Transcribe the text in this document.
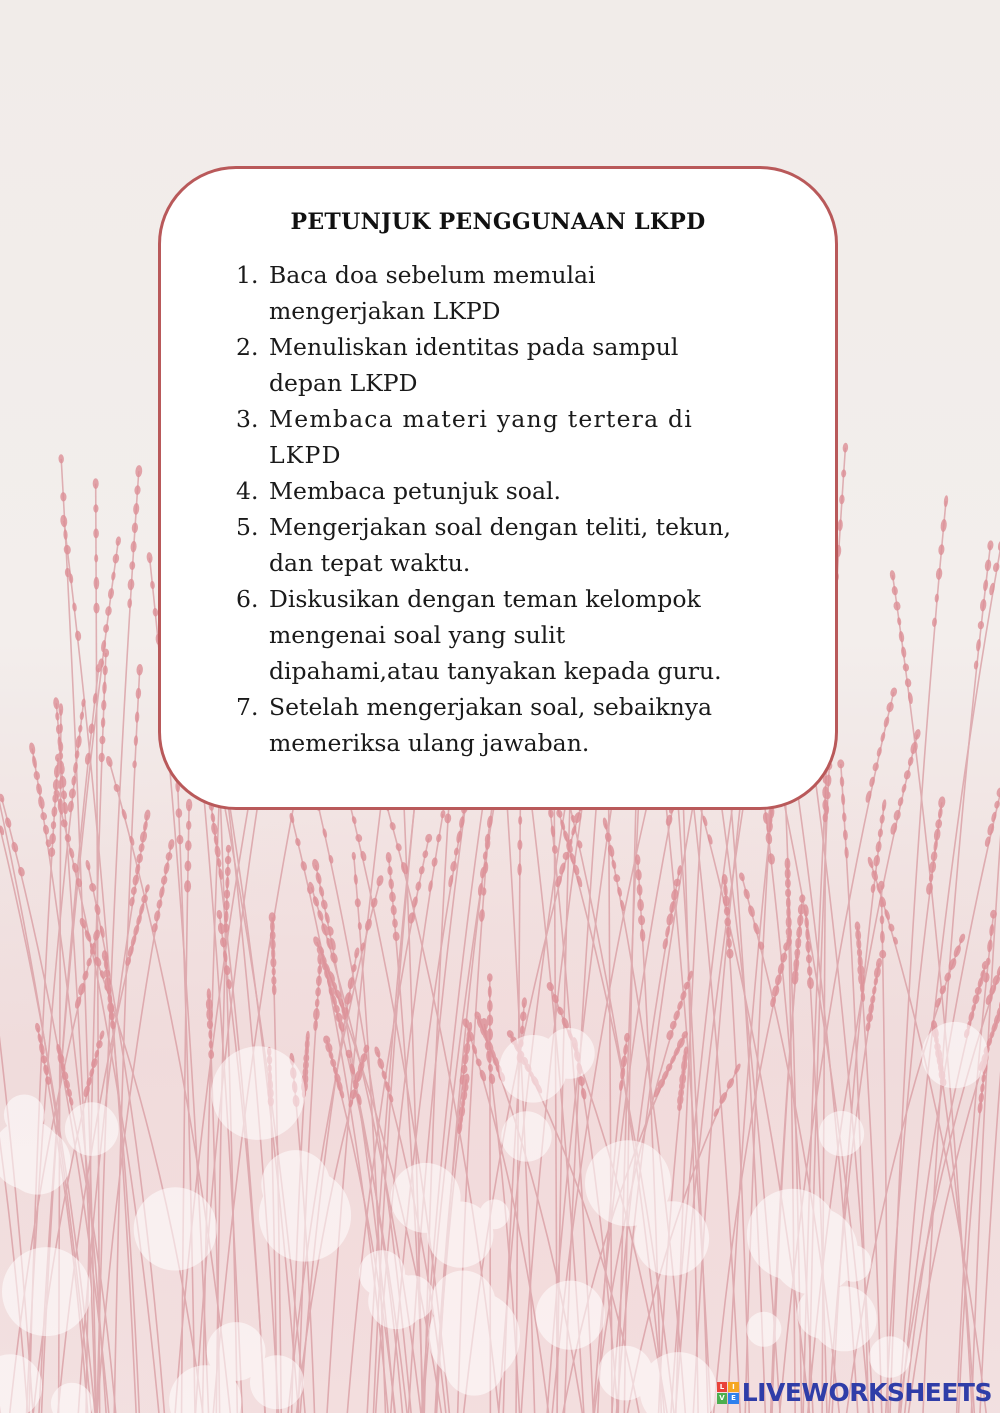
PETUNJUK PENGGUNAAN LKPD
1. Baca doa sebelum memulai
mengerjakan LKPD
2. Menuliskan identitas pada sampul
depan LKPD
3. Membaca materi yang tertera di
LKPD
4. Membaca petunjuk soal.
5. Mengerjakan soal dengan teliti, tekun,
dan tepat waktu.
6. Diskusikan dengan teman kelompok
mengenai soal yang sulit
dipahami,atau tanyakan kepada guru.
7. Setelah mengerjakan soal, sebaiknya
memeriksa ulang jawaban.
L	I
V E LIVEWORKSHEETS
